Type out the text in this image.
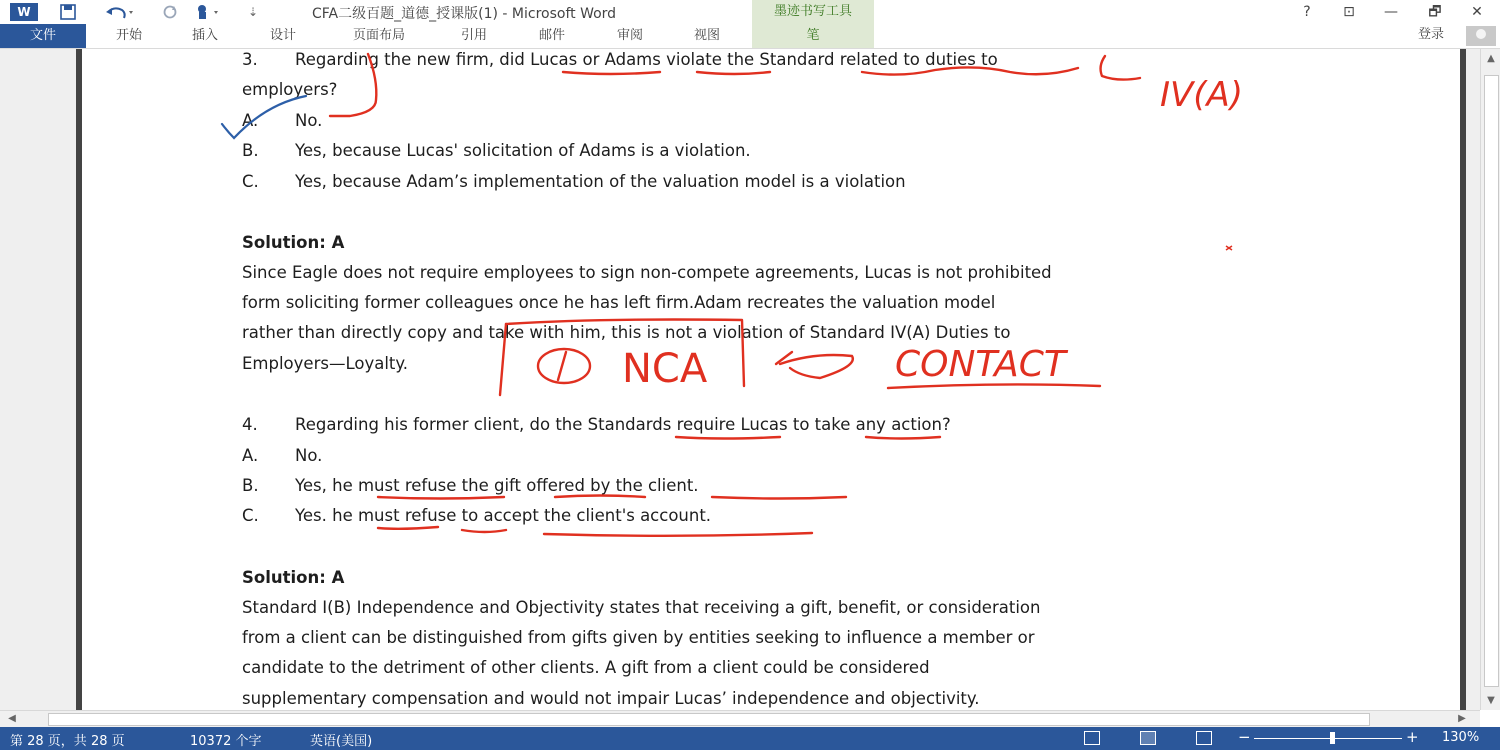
W	⇣	CFA二级百题_道德_授课版(1) - Microsoft Word	墨迹书写工具	?	⊡	—	🗗	✕
文件	开始	插入	设计	页面布局	引用	邮件	审阅	视图	笔	登录
3. Regarding the new firm, did Lucas or Adams violate the Standard related to duties to
employers?
A. No.
B. Yes, because Lucas' solicitation of Adams is a violation.
C. Yes, because Adam’s implementation of the valuation model is a violation
Solution: A
Since Eagle does not require employees to sign non-compete agreements, Lucas is not prohibited
form soliciting former colleagues once he has left firm.Adam recreates the valuation model
rather than directly copy and take with him, this is not a violation of Standard IV(A) Duties to
Employers—Loyalty.
4. Regarding his former client, do the Standards require Lucas to take any action?
A. No.
B. Yes, he must refuse the gift offered by the client.
C. Yes. he must refuse to accept the client's account.
Solution: A
Standard I(B) Independence and Objectivity states that receiving a gift, benefit, or consideration
from a client can be distinguished from gifts given by entities seeking to influence a member or
candidate to the detriment of other clients. A gift from a client could be considered
supplementary compensation and would not impair Lucas’ independence and objectivity.
IV(A)
NCA	CONTACT
▲
▼
◀	▶
第 28 页，共 28 页	10372 个字	英语(美国)	−	+ 130%
